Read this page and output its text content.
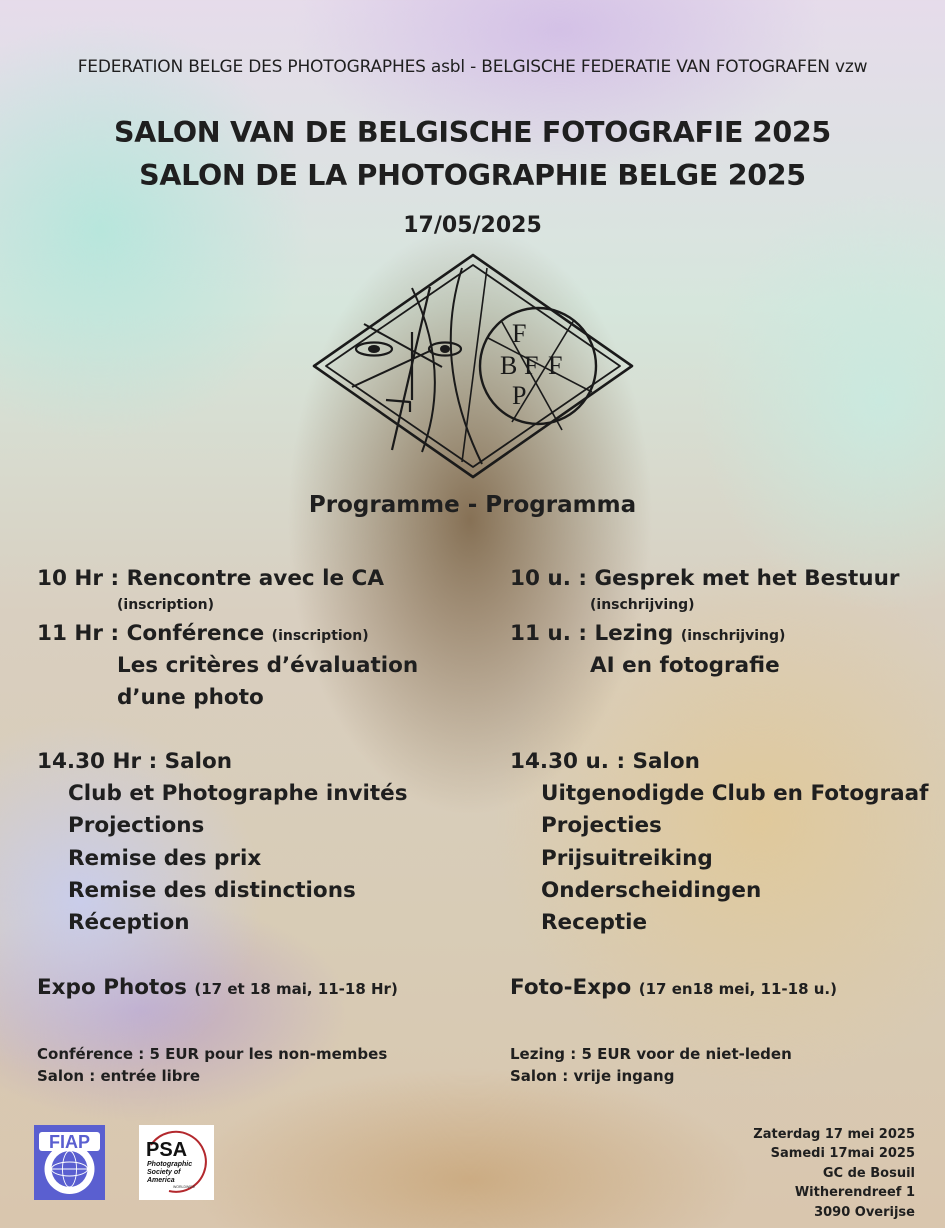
FEDERATION BELGE DES PHOTOGRAPHES asbl - BELGISCHE FEDERATIE VAN FOTOGRAFEN vzw
SALON VAN DE BELGISCHE FOTOGRAFIE 2025
SALON DE LA PHOTOGRAPHIE BELGE 2025
17/05/2025
F
B F F
P
Programme - Programma
10 Hr : Rencontre avec le CA
(inscription)
11 Hr : Conférence (inscription)
Les critères d’évaluation
d’une photo
14.30 Hr : Salon
Club et Photographe invités
Projections
Remise des prix
Remise des distinctions
Réception
Expo Photos (17 et 18 mai, 11-18 Hr)
Conférence : 5 EUR pour les non-membes
Salon : entrée libre
10 u. : Gesprek met het Bestuur
(inschrijving)
11 u. : Lezing (inschrijving)
AI en fotografie
14.30 u. : Salon
Uitgenodigde Club en Fotograaf
Projecties
Prijsuitreiking
Onderscheidingen
Receptie
Foto-Expo (17 en18 mei, 11-18 u.)
Lezing : 5 EUR voor de niet-leden
Salon : vrije ingang
FIAP	PSA
Photographic
Society of
America
WORLDWIDE
Zaterdag 17 mei 2025
Samedi 17mai 2025
GC de Bosuil
Witherendreef 1
3090 Overijse
